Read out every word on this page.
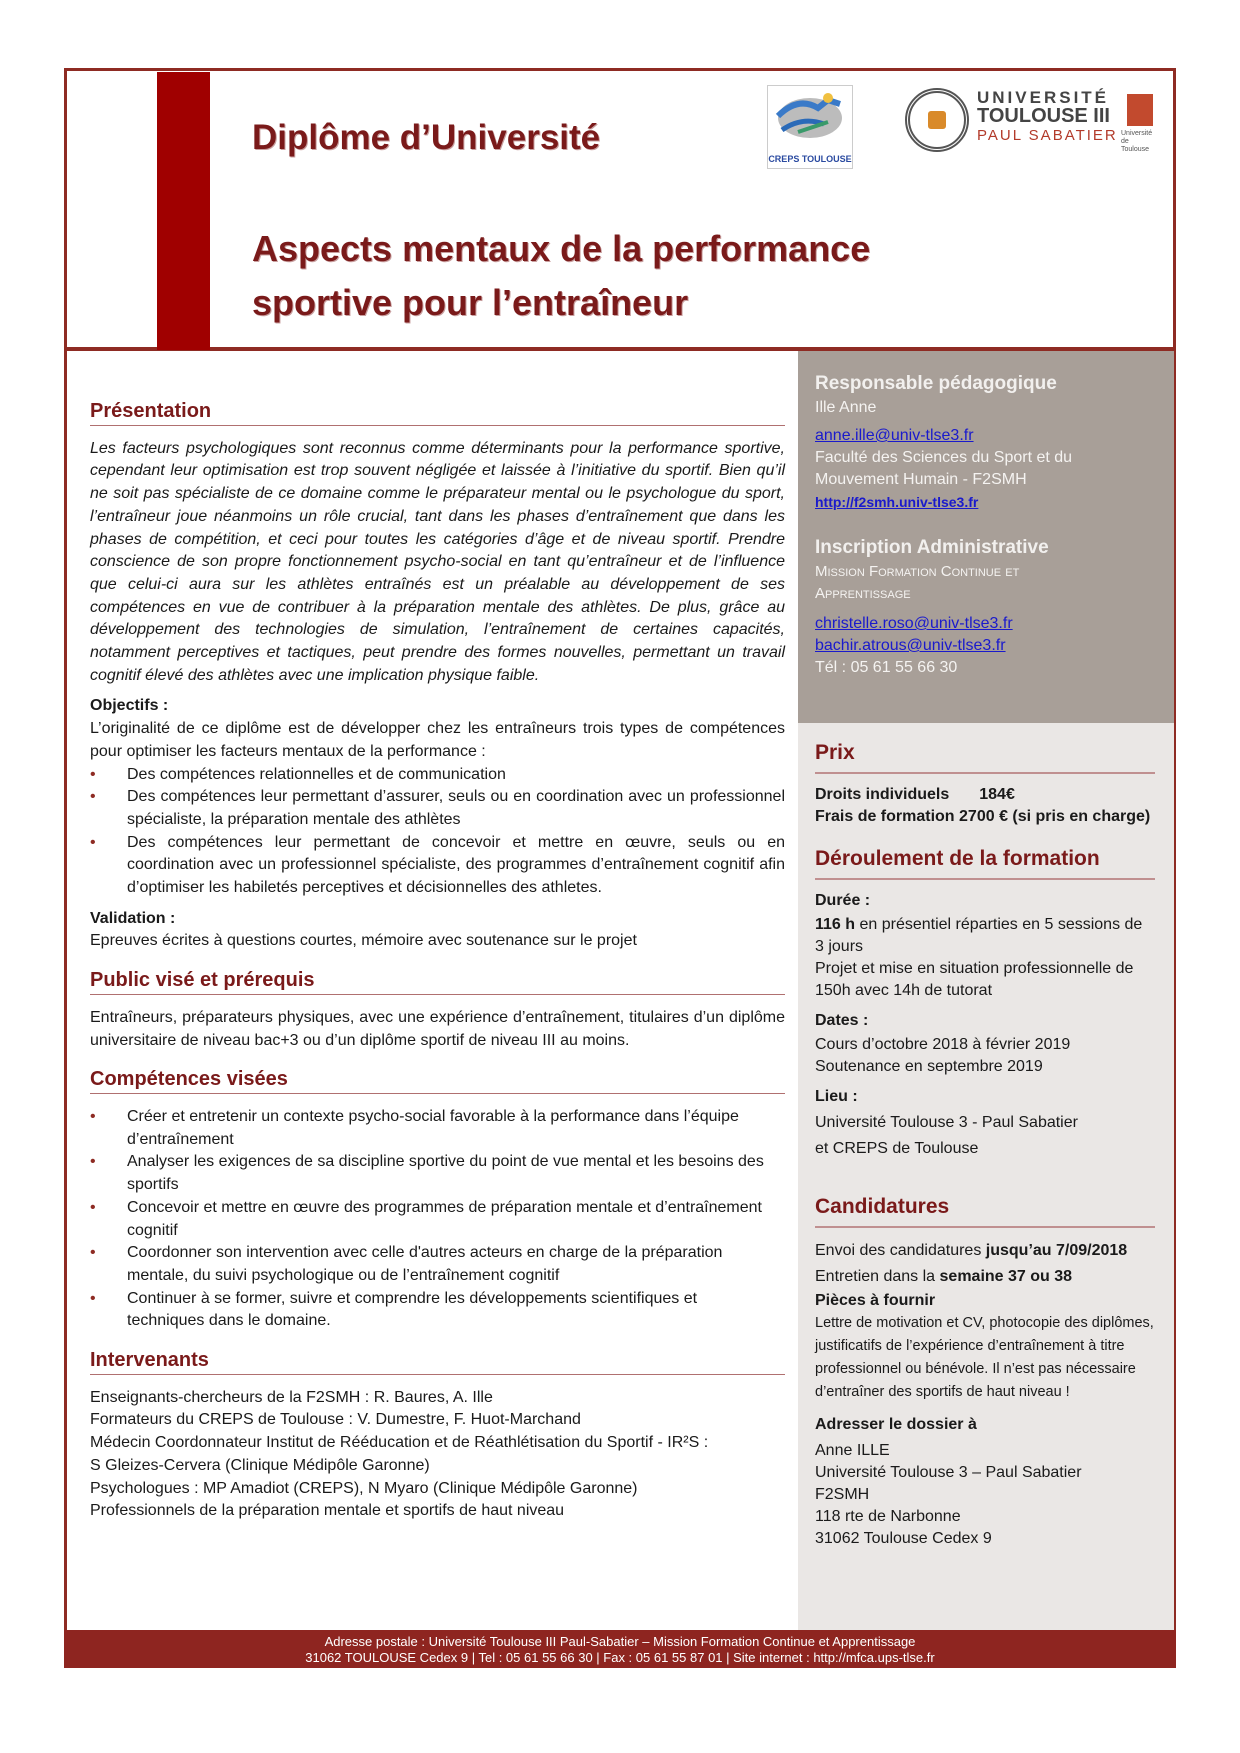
Diplôme d’Université
Aspects mentaux de la performance
sportive pour l’entraîneur
CREPS TOULOUSE
UNIVERSITÉ
TOULOUSE III
PAUL SABATIER Université de Toulouse
Présentation

Les facteurs psychologiques sont reconnus comme déterminants pour la performance sportive, cependant leur optimisation est trop souvent négligée et laissée à l’initiative du sportif. Bien qu’il ne soit pas spécialiste de ce domaine comme le préparateur mental ou le psychologue du sport, l’entraîneur joue néanmoins un rôle crucial, tant dans les phases d’entraînement que dans les phases de compétition, et ceci pour toutes les catégories d’âge et de niveau sportif. Prendre conscience de son propre fonctionnement psycho-social en tant qu’entraîneur et de l’influence que celui-ci aura sur les athlètes entraînés est un préalable au développement de ses compétences en vue de contribuer à la préparation mentale des athlètes. De plus, grâce au développement des technologies de simulation, l’entraînement de certaines capacités, notamment perceptives et tactiques, peut prendre des formes nouvelles, permettant un travail cognitif élevé des athlètes avec une implication physique faible.

Objectifs :

L’originalité de ce diplôme est de développer chez les entraîneurs trois types de compétences pour optimiser les facteurs mentaux de la performance :

• Des compétences relationnelles et de communication
• Des compétences leur permettant d’assurer, seuls ou en coordination avec un professionnel spécialiste, la préparation mentale des athlètes
• Des compétences leur permettant de concevoir et mettre en œuvre, seuls ou en coordination avec un professionnel spécialiste, des programmes d’entraînement cognitif afin d’optimiser les habiletés perceptives et décisionnelles des athletes.
Validation :

Epreuves écrites à questions courtes, mémoire avec soutenance sur le projet

Public visé et prérequis

Entraîneurs, préparateurs physiques, avec une expérience d’entraînement, titulaires d’un diplôme universitaire de niveau bac+3 ou d’un diplôme sportif de niveau III au moins.

Compétences visées
• Créer et entretenir un contexte psycho-social favorable à la performance dans l’équipe d’entraînement
• Analyser les exigences de sa discipline sportive du point de vue mental et les besoins des sportifs
• Concevoir et mettre en œuvre des programmes de préparation mentale et d’entraînement cognitif
• Coordonner son intervention avec celle d'autres acteurs en charge de la préparation mentale, du suivi psychologique ou de l’entraînement cognitif
• Continuer à se former, suivre et comprendre les développements scientifiques et techniques dans le domaine.
Intervenants

Enseignants-chercheurs de la F2SMH : R. Baures, A. Ille

Formateurs du CREPS de Toulouse : V. Dumestre, F. Huot-Marchand

Médecin Coordonnateur Institut de Rééducation et de Réathlétisation du Sportif - IR²S :

S Gleizes-Cervera (Clinique Médipôle Garonne)

Psychologues : MP Amadiot (CREPS), N Myaro (Clinique Médipôle Garonne)

Professionnels de la préparation mentale et sportifs de haut niveau

Responsable pédagogique
Ille Anne
anne.ille@univ-tlse3.fr
Faculté des Sciences du Sport et du
Mouvement Humain - F2SMH
http://f2smh.univ-tlse3.fr
Inscription Administrative
Mission Formation Continue et
Apprentissage
christelle.roso@univ-tlse3.fr
bachir.atrous@univ-tlse3.fr
Tél : 05 61 55 66 30
Prix
Droits individuels 184€
Frais de formation 2700 € (si pris en charge)
Déroulement de la formation
Durée :
116 h en présentiel réparties en 5 sessions de 3 jours
Projet et mise en situation professionnelle de 150h avec 14h de tutorat
Dates :
Cours d’octobre 2018 à février 2019
Soutenance en septembre 2019
Lieu :
Université Toulouse 3 - Paul Sabatier
et CREPS de Toulouse
Candidatures
Envoi des candidatures jusqu’au 7/09/2018
Entretien dans la semaine 37 ou 38
Pièces à fournir
Lettre de motivation et CV, photocopie des diplômes, justificatifs de l’expérience d’entraînement à titre professionnel ou bénévole. Il n’est pas nécessaire d’entraîner des sportifs de haut niveau !
Adresser le dossier à
Anne ILLE
Université Toulouse 3 – Paul Sabatier
F2SMH
118 rte de Narbonne
31062 Toulouse Cedex 9
Adresse postale : Université Toulouse III Paul-Sabatier – Mission Formation Continue et Apprentissage
31062 TOULOUSE Cedex 9 | Tel : 05 61 55 66 30 | Fax : 05 61 55 87 01 | Site internet : http://mfca.ups-tlse.fr
